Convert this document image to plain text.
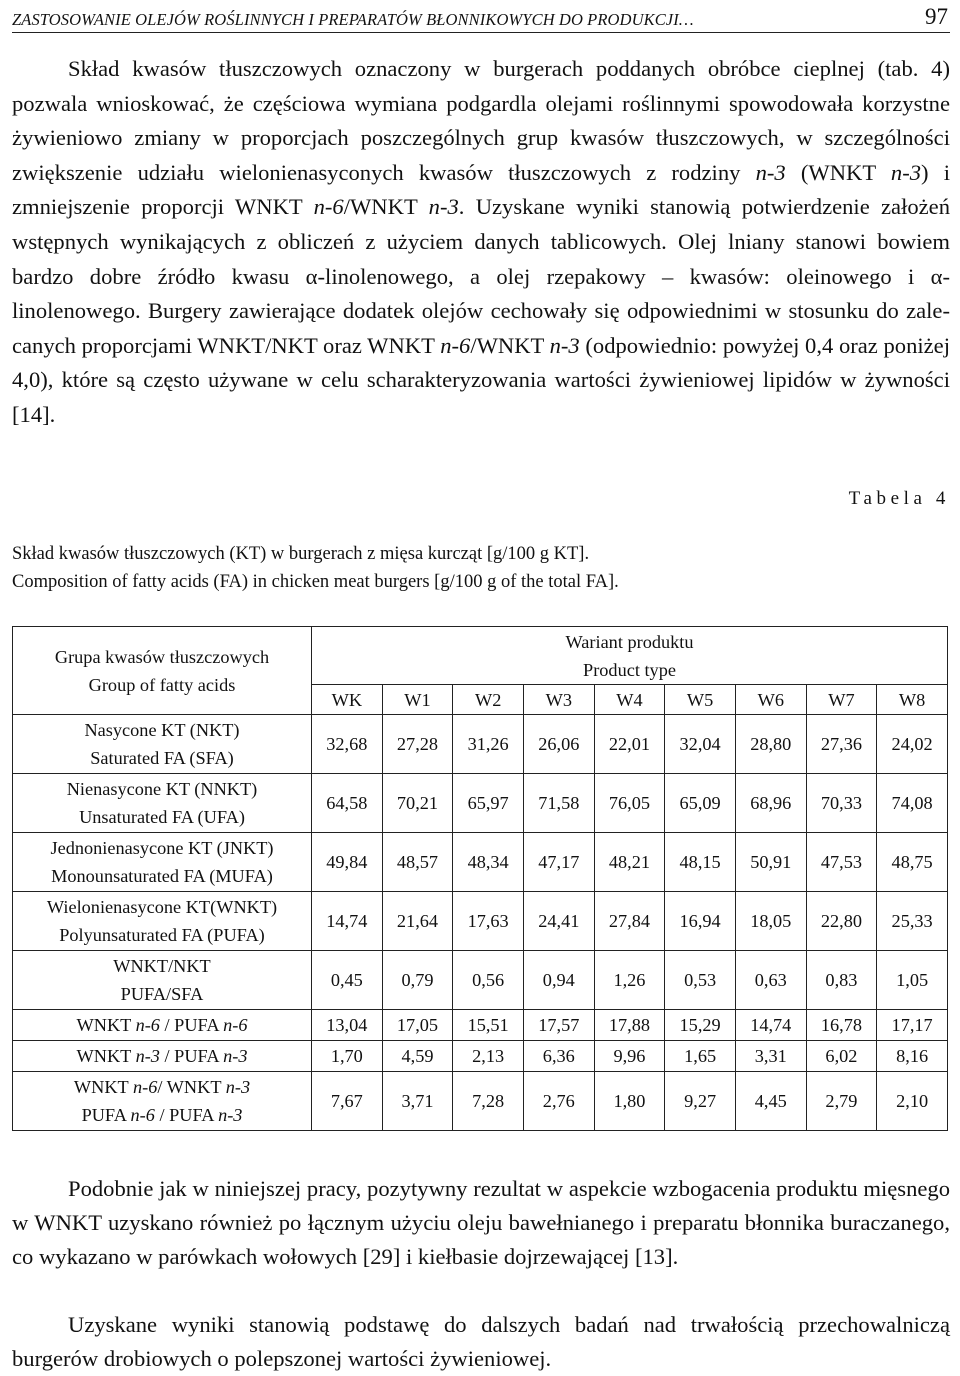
ZASTOSOWANIE OLEJÓW ROŚLINNYCH I PREPARATÓW BŁONNIKOWYCH DO PRODUKCJI…	97

Skład kwasów tłuszczowych oznaczony w burgerach poddanych obróbce cieplnej (tab. 4) pozwala wnioskować, że częściowa wymiana podgardla olejami roślinnymi spowodowała korzystne żywieniowo zmiany w proporcjach poszczególnych grup kwasów tłuszczowych, w szczególności zwiększenie udziału wielonienasyconych kwasów tłuszczowych z rodziny n-3 (WNKT n-3) i zmniejszenie proporcji WNKT n-6/WNKT n-3. Uzyskane wyniki stanowią potwierdzenie założeń wstępnych wynikających z obliczeń z użyciem danych tablicowych. Olej lniany stanowi bowiem bardzo dobre źródło kwasu α-linolenowego, a olej rzepakowy – kwasów: oleinowego i α-linolenowego. Burgery zawierające dodatek olejów cechowały się odpowiednimi w stosunku do zalecanych proporcjami WNKT/NKT oraz WNKT n-6/WNKT n-3 (odpowiednio: powyżej 0,4 oraz poniżej 4,0), które są często używane w celu scharakteryzowania wartości żywieniowej lipidów w żywności [14].

Tabela 4
Skład kwasów tłuszczowych (KT) w burgerach z mięsa kurcząt [g/100 g KT].
Composition of fatty acids (FA) in chicken meat burgers [g/100 g of the total FA].
Grupa kwasów tłuszczowych
Group of fatty acids	Wariant produktu
Product type								

	WK	W1	W2	W3	W4	W5	W6	W7	W8

Nasycone KT (NKT)
Saturated FA (SFA)	32,68	27,28	31,26	26,06	22,01	32,04	28,80	27,36	24,02

Nienasycone KT (NNKT)
Unsaturated FA (UFA)	64,58	70,21	65,97	71,58	76,05	65,09	68,96	70,33	74,08

Jednonienasycone KT (JNKT)
Monounsaturated FA (MUFA)	49,84	48,57	48,34	47,17	48,21	48,15	50,91	47,53	48,75

Wielonienasycone KT(WNKT)
Polyunsaturated FA (PUFA)	14,74	21,64	17,63	24,41	27,84	16,94	18,05	22,80	25,33

WNKT/NKT
PUFA/SFA	0,45	0,79	0,56	0,94	1,26	0,53	0,63	0,83	1,05

WNKT n-6 / PUFA n-6	13,04	17,05	15,51	17,57	17,88	15,29	14,74	16,78	17,17

WNKT n-3 / PUFA n-3	1,70	4,59	2,13	6,36	9,96	1,65	3,31	6,02	8,16

WNKT n-6/ WNKT n-3
PUFA n-6 / PUFA n-3	7,67	3,71	7,28	2,76	1,80	9,27	4,45	2,79	2,10

Podobnie jak w niniejszej pracy, pozytywny rezultat w aspekcie wzbogacenia produktu mięsnego w WNKT uzyskano również po łącznym użyciu oleju bawełnianego i preparatu błonnika buraczanego, co wykazano w parówkach wołowych [29] i kiełbasie dojrzewającej [13].

Uzyskane wyniki stanowią podstawę do dalszych badań nad trwałością przechowalniczą burgerów drobiowych o polepszonej wartości żywieniowej.
